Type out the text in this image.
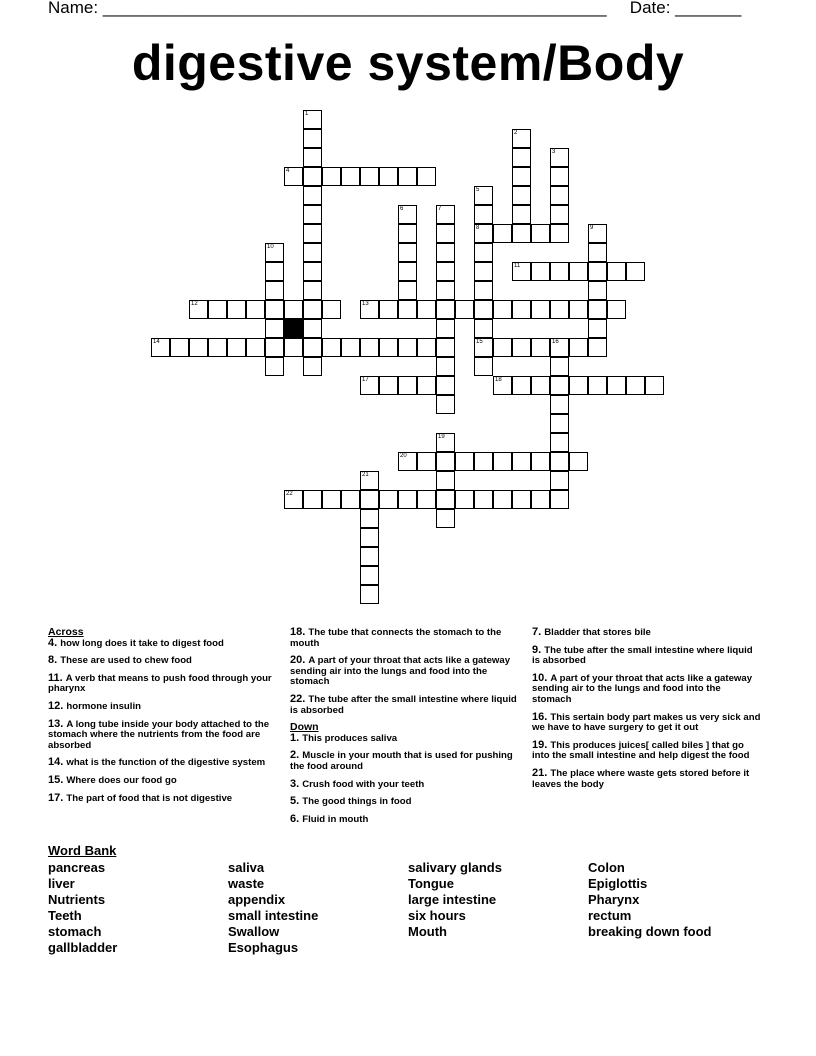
Name: _______________________________________________________ Date: _______
digestive system/Body
1
2
3
4
5
6	7
8	9
10
11
12	13
14	15	16
17	18
19
20
21
22
Across
4. how long does it take to digest food
8. These are used to chew food
11. A verb that means to push food through your pharynx
12. hormone insulin
13. A long tube inside your body attached to the stomach where the nutrients from the food are absorbed
14. what is the function of the digestive system
15. Where does our food go
17. The part of food that is not digestive
18. The tube that connects the stomach to the mouth
20. A part of your throat that acts like a gateway sending air into the lungs and food into the stomach
22. The tube after the small intestine where liquid is absorbed
Down
1. This produces saliva
2. Muscle in your mouth that is used for pushing the food around
3. Crush food with your teeth
5. The good things in food
6. Fluid in mouth
7. Bladder that stores bile
9. The tube after the small intestine where liquid is absorbed
10. A part of your throat that acts like a gateway sending air to the lungs and food into the stomach
16. This sertain body part makes us very sick and we have to have surgery to get it out
19. This produces juices[ called biles ] that go into the small intestine and help digest the food
21. The place where waste gets stored before it leaves the body
Word Bank
pancreas
liver
Nutrients
Teeth
stomach
gallbladder
saliva
waste
appendix
small intestine
Swallow
Esophagus
salivary glands
Tongue
large intestine
six hours
Mouth
Colon
Epiglottis
Pharynx
rectum
breaking down food
